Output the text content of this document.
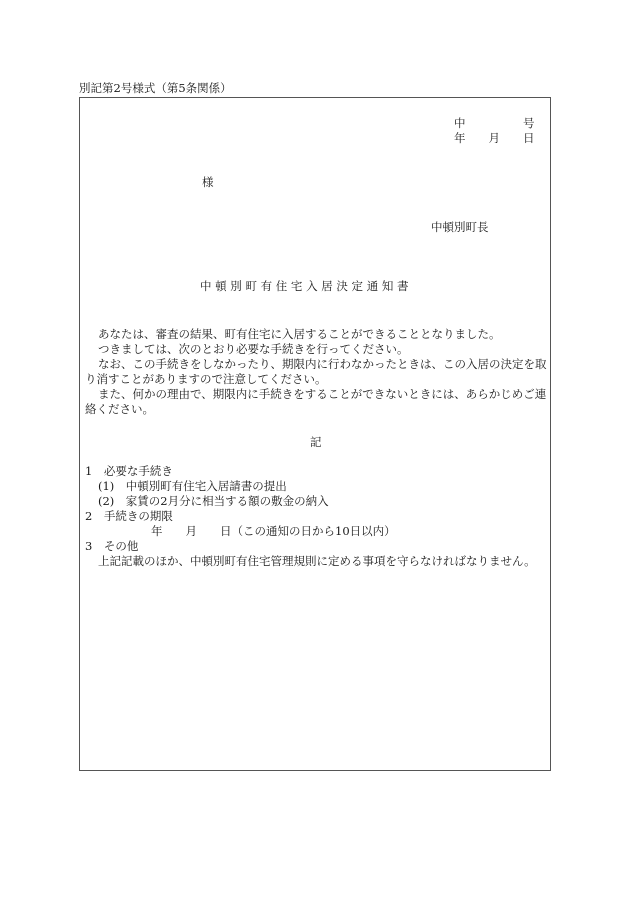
別記第2号様式（第5条関係）
中　　　　　号
年　　月　　日
様
中頓別町長
中 頓 別 町 有 住 宅 入 居 決 定 通 知 書
あなたは、審査の結果、町有住宅に入居することができることとなりました。
つきましては、次のとおり必要な手続きを行ってください。
なお、この手続きをしなかったり、期限内に行わなかったときは、この入居の決定を取
り消すことがありますので注意してください。
また、何かの理由で、期限内に手続きをすることができないときには、あらかじめご連
絡ください。
記
1　必要な手続き
(1)　中頓別町有住宅入居請書の提出
(2)　家賃の2月分に相当する額の敷金の納入
2　手続きの期限
年　　月　　日（この通知の日から10日以内）
3　その他
上記記載のほか、中頓別町有住宅管理規則に定める事項を守らなければなりません。
